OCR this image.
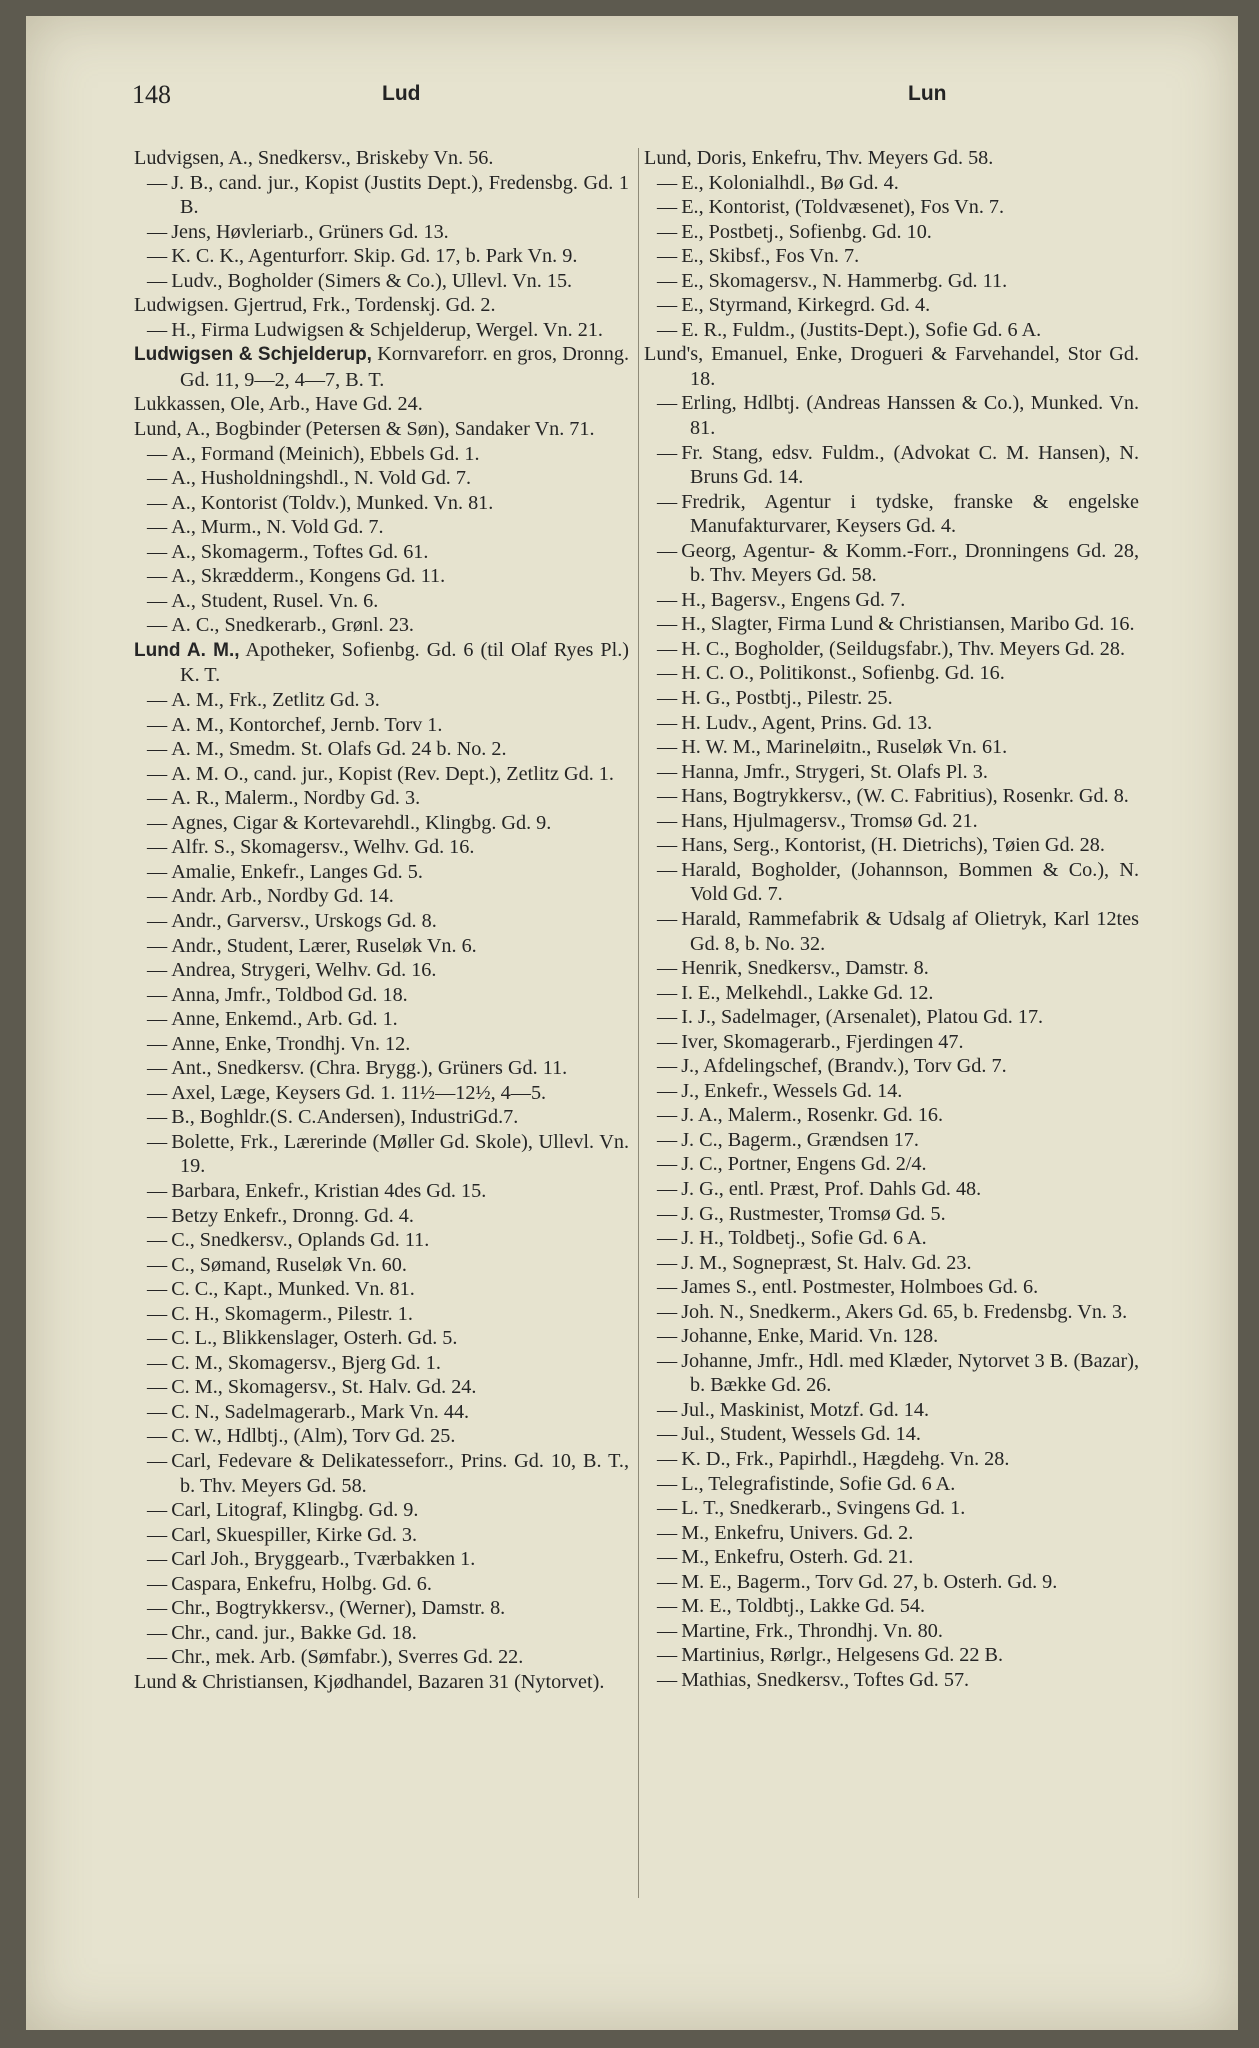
148	Lud	Lun
Ludvigsen, A., Snedkersv., Briskeby Vn. 56.
— J. B., cand. jur., Kopist (Justits Dept.), Fredensbg. Gd. 1 B.
— Jens, Høvleriarb., Grüners Gd. 13.
— K. C. K., Agenturforr. Skip. Gd. 17, b. Park Vn. 9.
— Ludv., Bogholder (Simers & Co.), Ullevl. Vn. 15.
Ludwigsen. Gjertrud, Frk., Tordenskj. Gd. 2.
— H., Firma Ludwigsen & Schjelderup, Wergel. Vn. 21.
Ludwigsen & Schjelderup, Kornvareforr. en gros, Dronng. Gd. 11, 9—2, 4—7, B. T.
Lukkassen, Ole, Arb., Have Gd. 24.
Lund, A., Bogbinder (Petersen & Søn), Sandaker Vn. 71.
— A., Formand (Meinich), Ebbels Gd. 1.
— A., Husholdningshdl., N. Vold Gd. 7.
— A., Kontorist (Toldv.), Munked. Vn. 81.
— A., Murm., N. Vold Gd. 7.
— A., Skomagerm., Toftes Gd. 61.
— A., Skrædderm., Kongens Gd. 11.
— A., Student, Rusel. Vn. 6.
— A. C., Snedkerarb., Grønl. 23.
Lund A. M., Apotheker, Sofienbg. Gd. 6 (til Olaf Ryes Pl.) K. T.
— A. M., Frk., Zetlitz Gd. 3.
— A. M., Kontorchef, Jernb. Torv 1.
— A. M., Smedm. St. Olafs Gd. 24 b. No. 2.
— A. M. O., cand. jur., Kopist (Rev. Dept.), Zetlitz Gd. 1.
— A. R., Malerm., Nordby Gd. 3.
— Agnes, Cigar & Kortevarehdl., Klingbg. Gd. 9.
— Alfr. S., Skomagersv., Welhv. Gd. 16.
— Amalie, Enkefr., Langes Gd. 5.
— Andr. Arb., Nordby Gd. 14.
— Andr., Garversv., Urskogs Gd. 8.
— Andr., Student, Lærer, Ruseløk Vn. 6.
— Andrea, Strygeri, Welhv. Gd. 16.
— Anna, Jmfr., Toldbod Gd. 18.
— Anne, Enkemd., Arb. Gd. 1.
— Anne, Enke, Trondhj. Vn. 12.
— Ant., Snedkersv. (Chra. Brygg.), Grüners Gd. 11.
— Axel, Læge, Keysers Gd. 1. 11½—12½, 4—5.
— B., Boghldr.(S. C.Andersen), IndustriGd.7.
— Bolette, Frk., Lærerinde (Møller Gd. Skole), Ullevl. Vn. 19.
— Barbara, Enkefr., Kristian 4des Gd. 15.
— Betzy Enkefr., Dronng. Gd. 4.
— C., Snedkersv., Oplands Gd. 11.
— C., Sømand, Ruseløk Vn. 60.
— C. C., Kapt., Munked. Vn. 81.
— C. H., Skomagerm., Pilestr. 1.
— C. L., Blikkenslager, Osterh. Gd. 5.
— C. M., Skomagersv., Bjerg Gd. 1.
— C. M., Skomagersv., St. Halv. Gd. 24.
— C. N., Sadelmagerarb., Mark Vn. 44.
— C. W., Hdlbtj., (Alm), Torv Gd. 25.
— Carl, Fedevare & Delikatesseforr., Prins. Gd. 10, B. T., b. Thv. Meyers Gd. 58.
— Carl, Litograf, Klingbg. Gd. 9.
— Carl, Skuespiller, Kirke Gd. 3.
— Carl Joh., Bryggearb., Tværbakken 1.
— Caspara, Enkefru, Holbg. Gd. 6.
— Chr., Bogtrykkersv., (Werner), Damstr. 8.
— Chr., cand. jur., Bakke Gd. 18.
— Chr., mek. Arb. (Sømfabr.), Sverres Gd. 22.
Lund & Christiansen, Kjødhandel, Bazaren 31 (Nytorvet).
Lund, Doris, Enkefru, Thv. Meyers Gd. 58.
— E., Kolonialhdl., Bø Gd. 4.
— E., Kontorist, (Toldvæsenet), Fos Vn. 7.
— E., Postbetj., Sofienbg. Gd. 10.
— E., Skibsf., Fos Vn. 7.
— E., Skomagersv., N. Hammerbg. Gd. 11.
— E., Styrmand, Kirkegrd. Gd. 4.
— E. R., Fuldm., (Justits-Dept.), Sofie Gd. 6 A.
Lund's, Emanuel, Enke, Drogueri & Farvehandel, Stor Gd. 18.
— Erling, Hdlbtj. (Andreas Hanssen & Co.), Munked. Vn. 81.
— Fr. Stang, edsv. Fuldm., (Advokat C. M. Hansen), N. Bruns Gd. 14.
— Fredrik, Agentur i tydske, franske & engelske Manufakturvarer, Keysers Gd. 4.
— Georg, Agentur- & Komm.-Forr., Dronningens Gd. 28, b. Thv. Meyers Gd. 58.
— H., Bagersv., Engens Gd. 7.
— H., Slagter, Firma Lund & Christiansen, Maribo Gd. 16.
— H. C., Bogholder, (Seildugsfabr.), Thv. Meyers Gd. 28.
— H. C. O., Politikonst., Sofienbg. Gd. 16.
— H. G., Postbtj., Pilestr. 25.
— H. Ludv., Agent, Prins. Gd. 13.
— H. W. M., Marineløitn., Ruseløk Vn. 61.
— Hanna, Jmfr., Strygeri, St. Olafs Pl. 3.
— Hans, Bogtrykkersv., (W. C. Fabritius), Rosenkr. Gd. 8.
— Hans, Hjulmagersv., Tromsø Gd. 21.
— Hans, Serg., Kontorist, (H. Dietrichs), Tøien Gd. 28.
— Harald, Bogholder, (Johannson, Bommen & Co.), N. Vold Gd. 7.
— Harald, Rammefabrik & Udsalg af Olietryk, Karl 12tes Gd. 8, b. No. 32.
— Henrik, Snedkersv., Damstr. 8.
— I. E., Melkehdl., Lakke Gd. 12.
— I. J., Sadelmager, (Arsenalet), Platou Gd. 17.
— Iver, Skomagerarb., Fjerdingen 47.
— J., Afdelingschef, (Brandv.), Torv Gd. 7.
— J., Enkefr., Wessels Gd. 14.
— J. A., Malerm., Rosenkr. Gd. 16.
— J. C., Bagerm., Grændsen 17.
— J. C., Portner, Engens Gd. 2/4.
— J. G., entl. Præst, Prof. Dahls Gd. 48.
— J. G., Rustmester, Tromsø Gd. 5.
— J. H., Toldbetj., Sofie Gd. 6 A.
— J. M., Sognepræst, St. Halv. Gd. 23.
— James S., entl. Postmester, Holmboes Gd. 6.
— Joh. N., Snedkerm., Akers Gd. 65, b. Fredensbg. Vn. 3.
— Johanne, Enke, Marid. Vn. 128.
— Johanne, Jmfr., Hdl. med Klæder, Nytorvet 3 B. (Bazar), b. Bække Gd. 26.
— Jul., Maskinist, Motzf. Gd. 14.
— Jul., Student, Wessels Gd. 14.
— K. D., Frk., Papirhdl., Hægdehg. Vn. 28.
— L., Telegrafistinde, Sofie Gd. 6 A.
— L. T., Snedkerarb., Svingens Gd. 1.
— M., Enkefru, Univers. Gd. 2.
— M., Enkefru, Osterh. Gd. 21.
— M. E., Bagerm., Torv Gd. 27, b. Osterh. Gd. 9.
— M. E., Toldbtj., Lakke Gd. 54.
— Martine, Frk., Throndhj. Vn. 80.
— Martinius, Rørlgr., Helgesens Gd. 22 B.
— Mathias, Snedkersv., Toftes Gd. 57.
